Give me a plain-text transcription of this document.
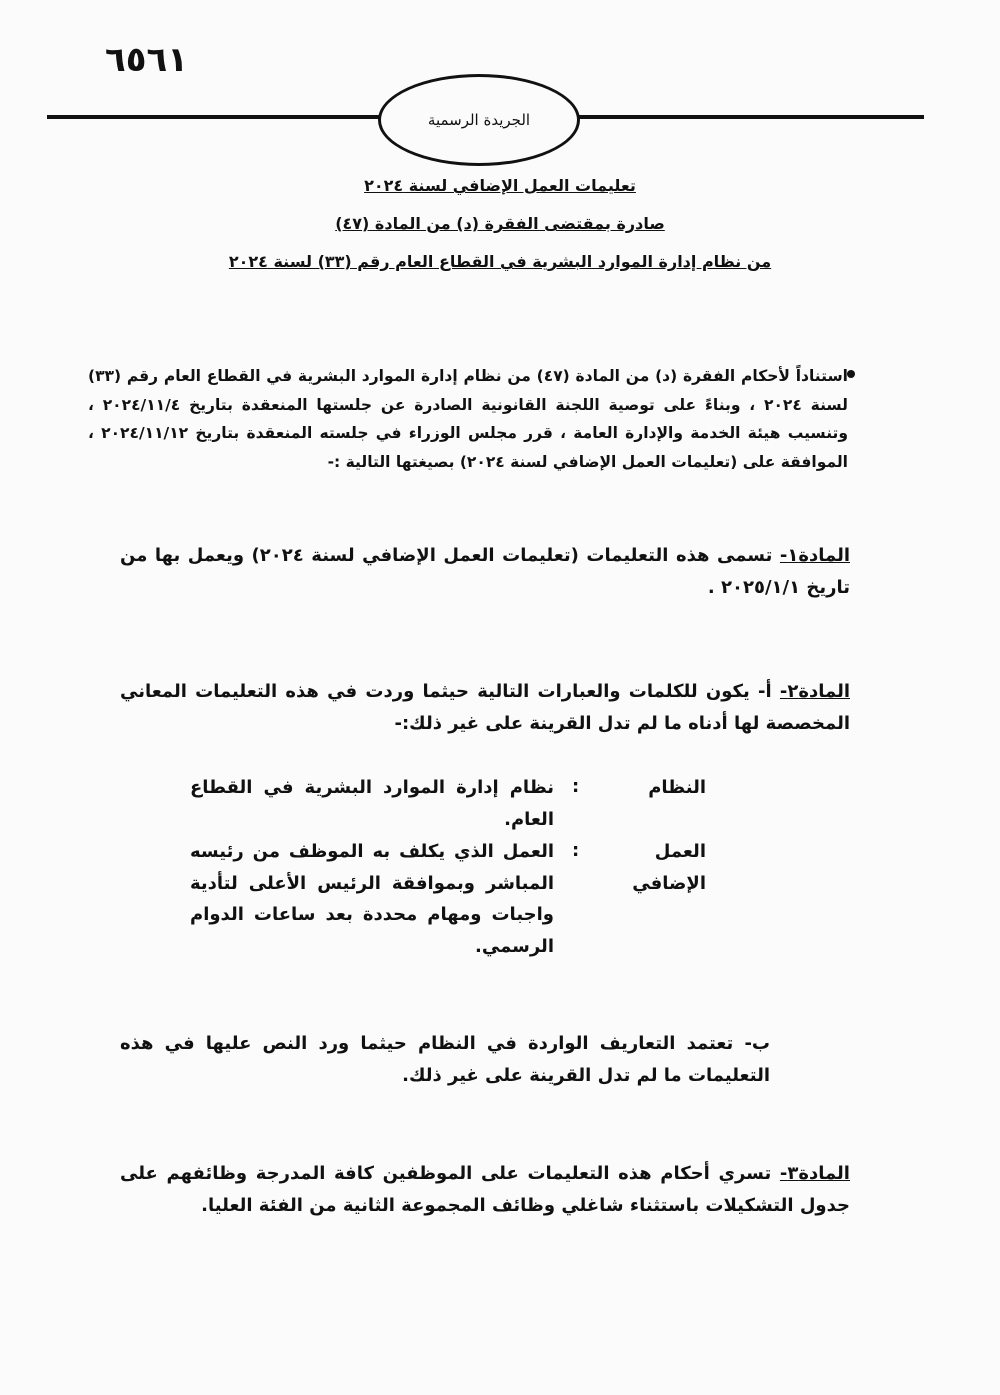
٦٥٦١
الجريدة الرسمية
تعليمات العمل الإضافي لسنة ٢٠٢٤
صادرة بمقتضى الفقرة (د) من المادة (٤٧)
من نظام إدارة الموارد البشرية في القطاع العام رقم (٣٣) لسنة ٢٠٢٤
استناداً لأحكام الفقرة (د) من المادة (٤٧) من نظام إدارة الموارد البشرية في القطاع العام رقم (٣٣) لسنة ٢٠٢٤ ، وبناءً على توصية اللجنة القانونية الصادرة عن جلستها المنعقدة بتاريخ ٢٠٢٤/١١/٤ ، وتنسيب هيئة الخدمة والإدارة العامة ، قرر مجلس الوزراء في جلسته المنعقدة بتاريخ ٢٠٢٤/١١/١٢ ، الموافقة على (تعليمات العمل الإضافي لسنة ٢٠٢٤) بصيغتها التالية :-
المادة١- تسمى هذه التعليمات (تعليمات العمل الإضافي لسنة ٢٠٢٤) ويعمل بها من تاريخ ٢٠٢٥/١/١ .
المادة٢- أ- يكون للكلمات والعبارات التالية حيثما وردت في هذه التعليمات المعاني المخصصة لها أدناه ما لم تدل القرينة على غير ذلك:-
النظام
:
نظام إدارة الموارد البشرية في القطاع العام.
العمل الإضافي
:
العمل الذي يكلف به الموظف من رئيسه المباشر وبموافقة الرئيس الأعلى لتأدية واجبات ومهام محددة بعد ساعات الدوام الرسمي.
ب- تعتمد التعاريف الواردة في النظام حيثما ورد النص عليها في هذه التعليمات ما لم تدل القرينة على غير ذلك.
المادة٣- تسري أحكام هذه التعليمات على الموظفين كافة المدرجة وظائفهم على جدول التشكيلات باستثناء شاغلي وظائف المجموعة الثانية من الفئة العليا.
